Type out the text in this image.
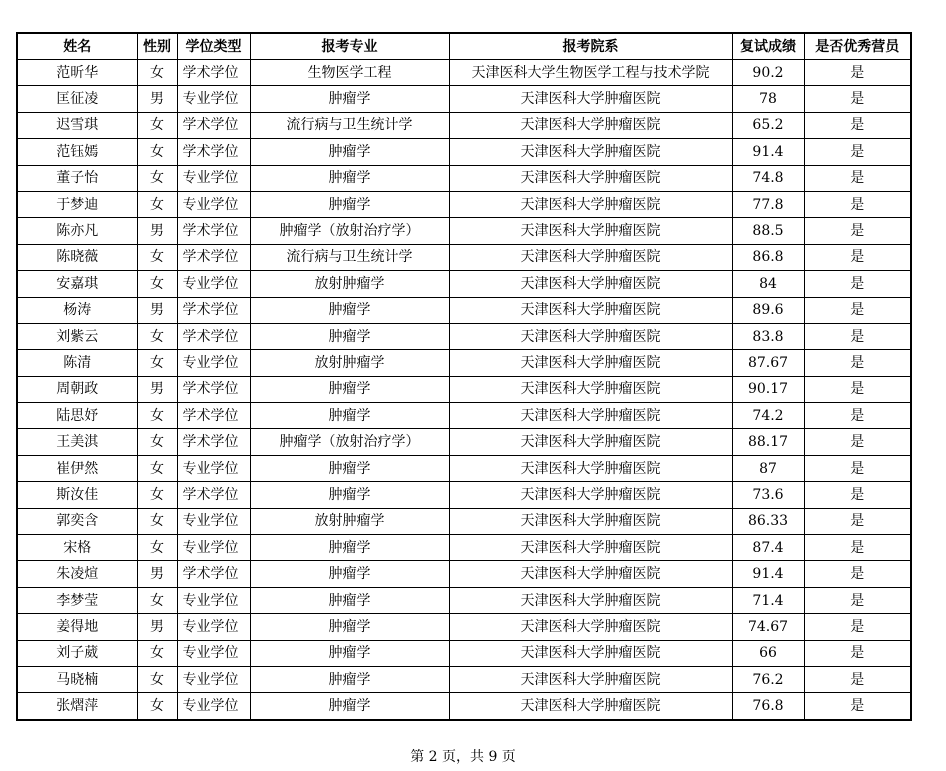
姓名	性别	学位类型	报考专业	报考院系	复试成绩	是否优秀营员
范昕华	女	学术学位	生物医学工程	天津医科大学生物医学工程与技术学院	90.2	是
匡征凌	男	专业学位	肿瘤学	天津医科大学肿瘤医院	78	是
迟雪琪	女	学术学位	流行病与卫生统计学	天津医科大学肿瘤医院	65.2	是
范钰嫣	女	学术学位	肿瘤学	天津医科大学肿瘤医院	91.4	是
董子怡	女	专业学位	肿瘤学	天津医科大学肿瘤医院	74.8	是
于梦迪	女	专业学位	肿瘤学	天津医科大学肿瘤医院	77.8	是
陈亦凡	男	学术学位	肿瘤学（放射治疗学）	天津医科大学肿瘤医院	88.5	是
陈晓薇	女	学术学位	流行病与卫生统计学	天津医科大学肿瘤医院	86.8	是
安嘉琪	女	专业学位	放射肿瘤学	天津医科大学肿瘤医院	84	是
杨涛	男	学术学位	肿瘤学	天津医科大学肿瘤医院	89.6	是
刘紫云	女	学术学位	肿瘤学	天津医科大学肿瘤医院	83.8	是
陈清	女	专业学位	放射肿瘤学	天津医科大学肿瘤医院	87.67	是
周朝政	男	学术学位	肿瘤学	天津医科大学肿瘤医院	90.17	是
陆思妤	女	学术学位	肿瘤学	天津医科大学肿瘤医院	74.2	是
王美淇	女	学术学位	肿瘤学（放射治疗学）	天津医科大学肿瘤医院	88.17	是
崔伊然	女	专业学位	肿瘤学	天津医科大学肿瘤医院	87	是
斯汝佳	女	学术学位	肿瘤学	天津医科大学肿瘤医院	73.6	是
郭奕含	女	专业学位	放射肿瘤学	天津医科大学肿瘤医院	86.33	是
宋格	女	专业学位	肿瘤学	天津医科大学肿瘤医院	87.4	是
朱凌煊	男	学术学位	肿瘤学	天津医科大学肿瘤医院	91.4	是
李梦莹	女	专业学位	肿瘤学	天津医科大学肿瘤医院	71.4	是
姜得地	男	专业学位	肿瘤学	天津医科大学肿瘤医院	74.67	是
刘子葳	女	专业学位	肿瘤学	天津医科大学肿瘤医院	66	是
马晓楠	女	专业学位	肿瘤学	天津医科大学肿瘤医院	76.2	是
张熠萍	女	专业学位	肿瘤学	天津医科大学肿瘤医院	76.8	是
第 2 页，共 9 页
